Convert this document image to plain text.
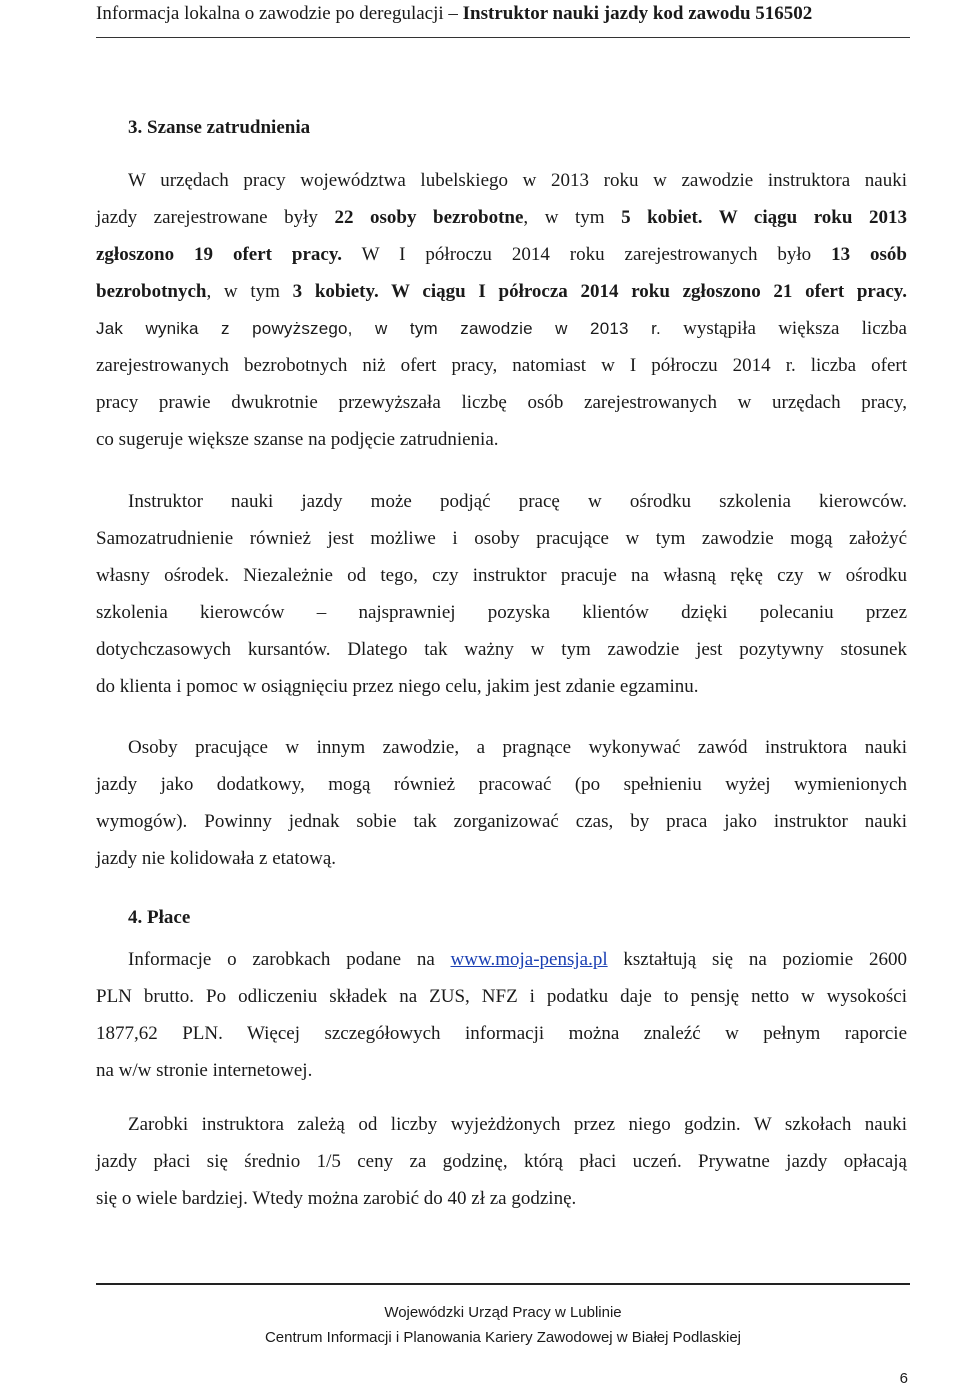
Informacja lokalna o zawodzie po deregulacji – Instruktor nauki jazdy kod zawodu 516502
3. Szanse zatrudnienia
W urzędach pracy województwa lubelskiego w 2013 roku w zawodzie instruktora nauki
jazdy zarejestrowane były 22 osoby bezrobotne, w tym 5 kobiet. W ciągu roku 2013
zgłoszono 19 ofert pracy. W I półroczu 2014 roku zarejestrowanych było 13 osób
bezrobotnych, w tym 3 kobiety. W ciągu I półrocza 2014 roku zgłoszono 21 ofert pracy.
Jak wynika z powyższego, w tym zawodzie w 2013 r. wystąpiła większa liczba
zarejestrowanych bezrobotnych niż ofert pracy, natomiast w I półroczu 2014 r. liczba ofert
pracy prawie dwukrotnie przewyższała liczbę osób zarejestrowanych w urzędach pracy,
co sugeruje większe szanse na podjęcie zatrudnienia.
Instruktor nauki jazdy może podjąć pracę w ośrodku szkolenia kierowców.
Samozatrudnienie również jest możliwe i osoby pracujące w tym zawodzie mogą założyć
własny ośrodek. Niezależnie od tego, czy instruktor pracuje na własną rękę czy w ośrodku
szkolenia kierowców – najsprawniej pozyska klientów dzięki polecaniu przez
dotychczasowych kursantów. Dlatego tak ważny w tym zawodzie jest pozytywny stosunek
do klienta i pomoc w osiągnięciu przez niego celu, jakim jest zdanie egzaminu.
Osoby pracujące w innym zawodzie, a pragnące wykonywać zawód instruktora nauki
jazdy jako dodatkowy, mogą również pracować (po spełnieniu wyżej wymienionych
wymogów). Powinny jednak sobie tak zorganizować czas, by praca jako instruktor nauki
jazdy nie kolidowała z etatową.
4. Płace
Informacje o zarobkach podane na www.moja-pensja.pl kształtują się na poziomie 2600
PLN brutto. Po odliczeniu składek na ZUS, NFZ i podatku daje to pensję netto w wysokości
1877,62 PLN. Więcej szczegółowych informacji można znaleźć w pełnym raporcie
na w/w stronie internetowej.
Zarobki instruktora zależą od liczby wyjeżdżonych przez niego godzin. W szkołach nauki
jazdy płaci się średnio 1/5 ceny za godzinę, którą płaci uczeń. Prywatne jazdy opłacają
się o wiele bardziej. Wtedy można zarobić do 40 zł za godzinę.
Wojewódzki Urząd Pracy w Lublinie
Centrum Informacji i Planowania Kariery Zawodowej w Białej Podlaskiej
6
